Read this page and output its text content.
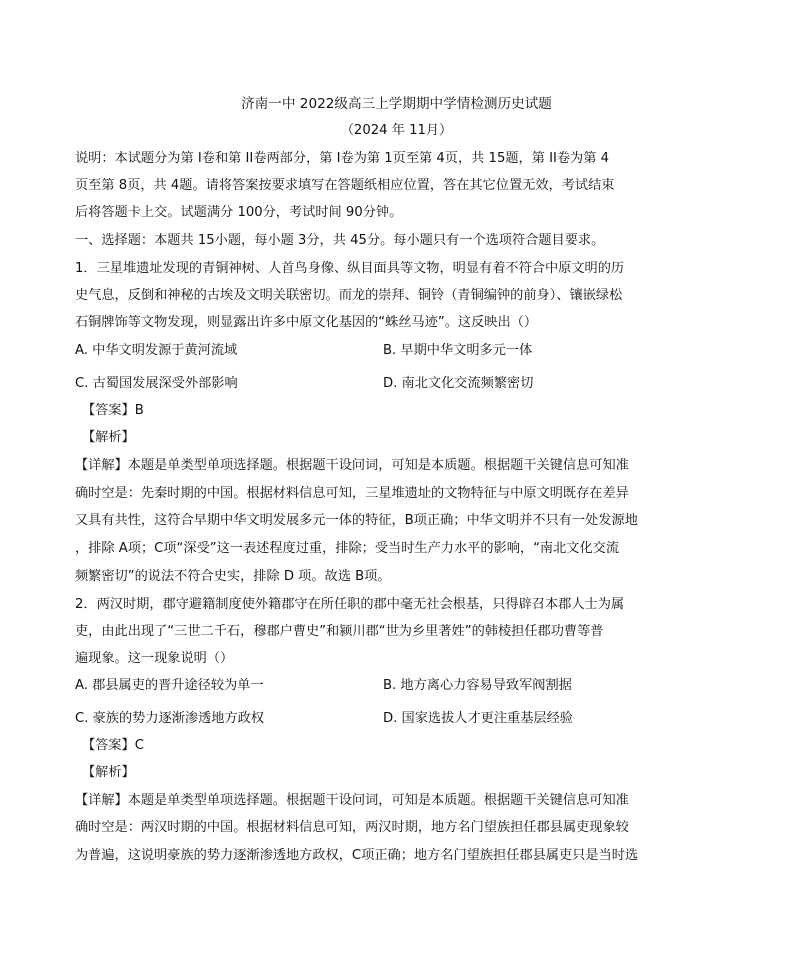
济南一中 2022级高三上学期期中学情检测历史试题
（2024 年 11月）
说明：本试题分为第 I卷和第 II卷两部分，第 I卷为第 1页至第 4页，共 15题，第 II卷为第 4
页至第 8页，共 4题。请将答案按要求填写在答题纸相应位置，答在其它位置无效，考试结束
后将答题卡上交。试题满分 100分，考试时间 90分钟。
一、选择题：本题共 15小题，每小题 3分，共 45分。每小题只有一个选项符合题目要求。
1．三星堆遗址发现的青铜神树、人首鸟身像、纵目面具等文物，明显有着不符合中原文明的历
史气息，反倒和神秘的古埃及文明关联密切。而龙的崇拜、铜铃（青铜编钟的前身）、镶嵌绿松
石铜牌饰等文物发现，则显露出许多中原文化基因的“蛛丝马迹”。这反映出（）
A. 中华文明发源于黄河流域	B. 早期中华文明多元一体
C. 古蜀国发展深受外部影响	D. 南北文化交流频繁密切
【答案】B
【解析】
【详解】本题是单类型单项选择题。根据题干设问词，可知是本质题。根据题干关键信息可知准
确时空是：先秦时期的中国。根据材料信息可知，三星堆遗址的文物特征与中原文明既存在差异
又具有共性，这符合早期中华文明发展多元一体的特征，B项正确；中华文明并不只有一处发源地
，排除 A项；C项“深受”这一表述程度过重，排除；受当时生产力水平的影响，“南北文化交流
频繁密切”的说法不符合史实，排除 D 项。故选 B项。
2．两汉时期，郡守避籍制度使外籍郡守在所任职的郡中毫无社会根基，只得辟召本郡人士为属
吏，由此出现了“三世二千石，穆郡户曹史”和颍川郡“世为乡里著姓”的韩棱担任郡功曹等普
遍现象。这一现象说明（）
A. 郡县属吏的晋升途径较为单一	B. 地方离心力容易导致军阀割据
C. 豪族的势力逐渐渗透地方政权	D. 国家选拔人才更注重基层经验
【答案】C
【解析】
【详解】本题是单类型单项选择题。根据题干设问词，可知是本质题。根据题干关键信息可知准
确时空是：两汉时期的中国。根据材料信息可知，两汉时期，地方名门望族担任郡县属吏现象较
为普遍，这说明豪族的势力逐渐渗透地方政权，C项正确；地方名门望族担任郡县属吏只是当时选
